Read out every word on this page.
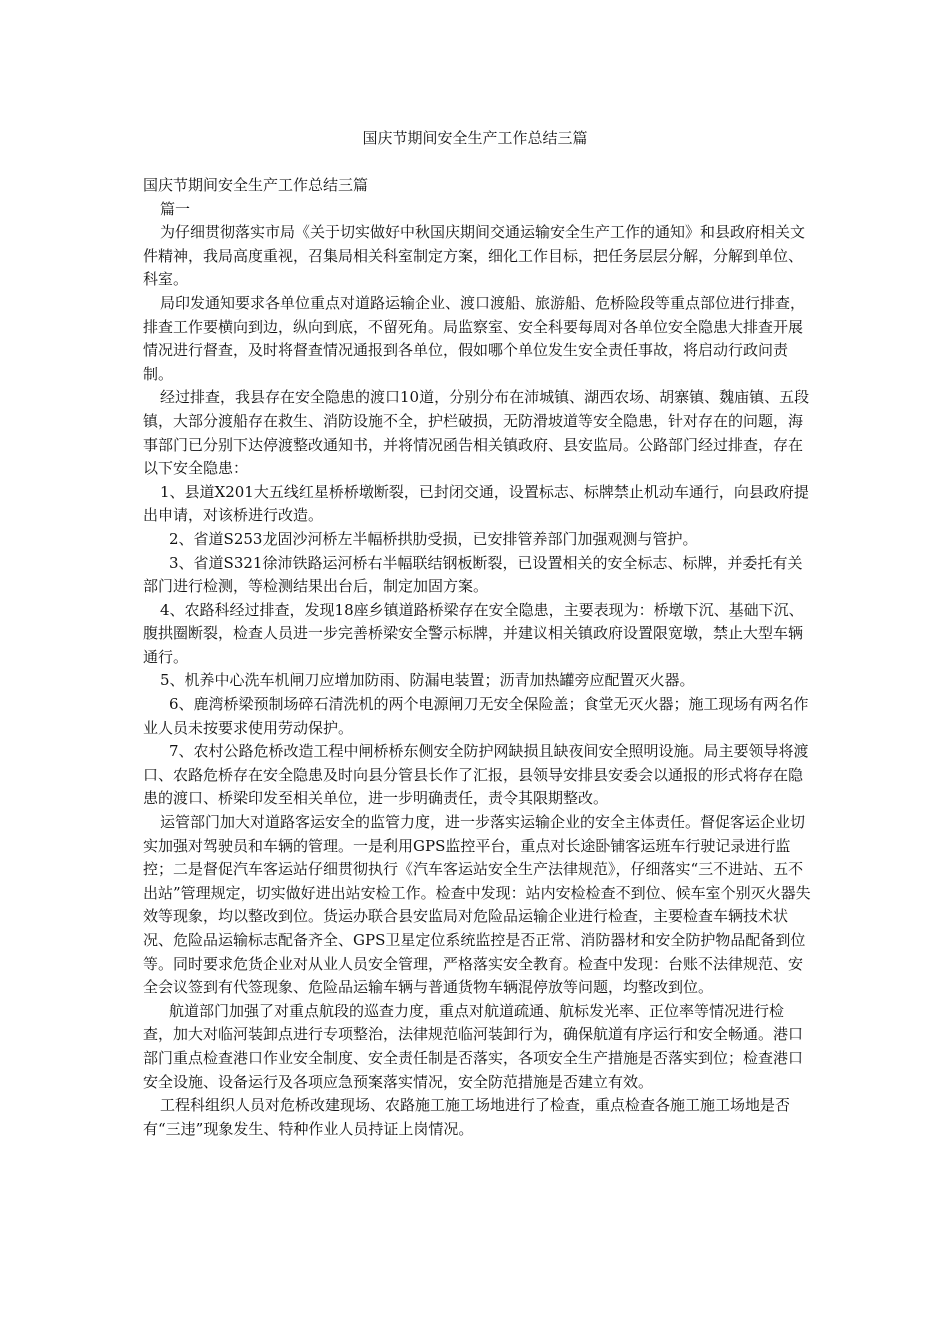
国庆节期间安全生产工作总结三篇

国庆节期间安全生产工作总结三篇

篇一

为仔细贯彻落实市局《关于切实做好中秋国庆期间交通运输安全生产工作的通知》和县政府相关文件精神，我局高度重视，召集局相关科室制定方案，细化工作目标，把任务层层分解，分解到单位、科室。

局印发通知要求各单位重点对道路运输企业、渡口渡船、旅游船、危桥险段等重点部位进行排查，排查工作要横向到边，纵向到底，不留死角。局监察室、安全科要每周对各单位安全隐患大排查开展情况进行督查，及时将督查情况通报到各单位，假如哪个单位发生安全责任事故，将启动行政问责制。

经过排查，我县存在安全隐患的渡口10道，分别分布在沛城镇、湖西农场、胡寨镇、魏庙镇、五段镇，大部分渡船存在救生、消防设施不全，护栏破损，无防滑坡道等安全隐患，针对存在的问题，海事部门已分别下达停渡整改通知书，并将情况函告相关镇政府、县安监局。公路部门经过排查，存在以下安全隐患：

1、县道X201大五线红星桥桥墩断裂，已封闭交通，设置标志、标牌禁止机动车通行，向县政府提出申请，对该桥进行改造。

2、省道S253龙固沙河桥左半幅桥拱肋受损，已安排管养部门加强观测与管护。

3、省道S321徐沛铁路运河桥右半幅联结钢板断裂，已设置相关的安全标志、标牌，并委托有关部门进行检测，等检测结果出台后，制定加固方案。

4、农路科经过排查，发现18座乡镇道路桥梁存在安全隐患，主要表现为：桥墩下沉、基础下沉、腹拱圈断裂，检查人员进一步完善桥梁安全警示标牌，并建议相关镇政府设置限宽墩，禁止大型车辆通行。

5、机养中心洗车机闸刀应增加防雨、防漏电装置；沥青加热罐旁应配置灭火器。

6、鹿湾桥梁预制场碎石清洗机的两个电源闸刀无安全保险盖；食堂无灭火器；施工现场有两名作业人员未按要求使用劳动保护。

7、农村公路危桥改造工程中闸桥桥东侧安全防护网缺损且缺夜间安全照明设施。局主要领导将渡口、农路危桥存在安全隐患及时向县分管县长作了汇报，县领导安排县安委会以通报的形式将存在隐患的渡口、桥梁印发至相关单位，进一步明确责任，责令其限期整改。

运管部门加大对道路客运安全的监管力度，进一步落实运输企业的安全主体责任。督促客运企业切实加强对驾驶员和车辆的管理。一是利用GPS监控平台，重点对长途卧铺客运班车行驶记录进行监控；二是督促汽车客运站仔细贯彻执行《汽车客运站安全生产法律规范》，仔细落实“三不进站、五不出站”管理规定，切实做好进出站安检工作。检查中发现：站内安检检查不到位、候车室个别灭火器失效等现象，均以整改到位。货运办联合县安监局对危险品运输企业进行检查，主要检查车辆技术状况、危险品运输标志配备齐全、GPS卫星定位系统监控是否正常、消防器材和安全防护物品配备到位等。同时要求危货企业对从业人员安全管理，严格落实安全教育。检查中发现：台账不法律规范、安全会议签到有代签现象、危险品运输车辆与普通货物车辆混停放等问题，均整改到位。

航道部门加强了对重点航段的巡查力度，重点对航道疏通、航标发光率、正位率等情况进行检查，加大对临河装卸点进行专项整治，法律规范临河装卸行为，确保航道有序运行和安全畅通。港口部门重点检查港口作业安全制度、安全责任制是否落实，各项安全生产措施是否落实到位；检查港口安全设施、设备运行及各项应急预案落实情况，安全防范措施是否建立有效。

工程科组织人员对危桥改建现场、农路施工施工场地进行了检查，重点检查各施工施工场地是否有“三违”现象发生、特种作业人员持证上岗情况。
